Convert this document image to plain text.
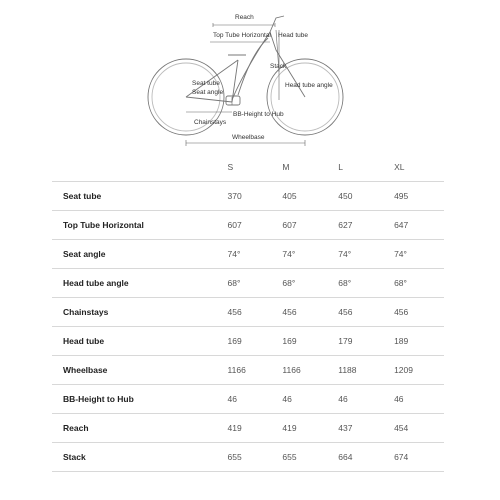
Reach
Top Tube Horizontal Head tube
Stack
Seat tube
Seat angle
Head tube angle
Chainstays
BB-Height to Hub
Wheelbase
	S	M	L	XL
Seat tube	370	405	450	495
Top Tube Horizontal	607	607	627	647
Seat angle	74°	74°	74°	74°
Head tube angle	68°	68°	68°	68°
Chainstays	456	456	456	456
Head tube	169	169	179	189
Wheelbase	1166	1166	1188	1209
BB-Height to Hub	46	46	46	46
Reach	419	419	437	454
Stack	655	655	664	674
